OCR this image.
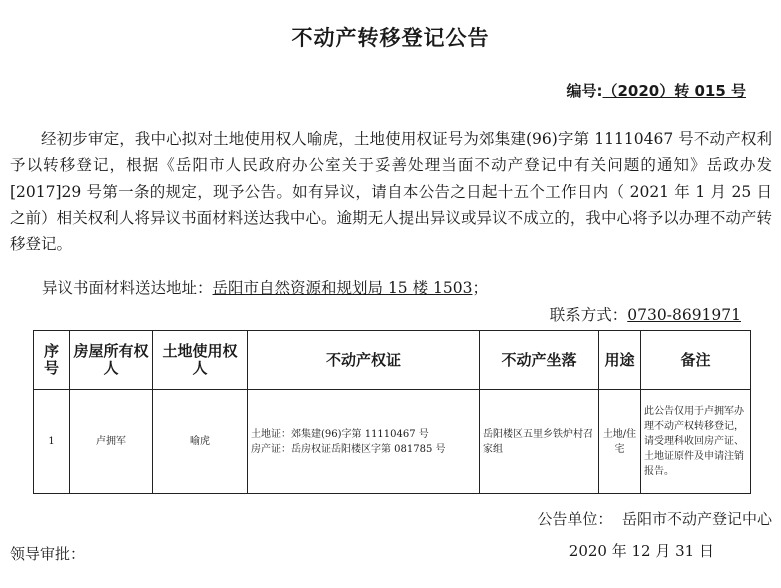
不动产转移登记公告
编号:（2020）转 015 号
经初步审定，我中心拟对土地使用权人喻虎，土地使用权证号为郊集建(96)字第 11110467 号不动产权利予以转移登记，根据《岳阳市人民政府办公室关于妥善处理当面不动产登记中有关问题的通知》岳政办发[2017]29 号第一条的规定，现予公告。如有异议，请自本公告之日起十五个工作日内（ 2021 年 1 月 25 日之前）相关权利人将异议书面材料送达我中心。逾期无人提出异议或异议不成立的，我中心将予以办理不动产转移登记。
异议书面材料送达地址：岳阳市自然资源和规划局 15 楼 1503；
联系方式：0730-8691971
序号	房屋所有权人	土地使用权人	不动产权证	不动产坐落	用途	备注
1	卢拥军	喻虎	土地证：郊集建(96)字第 11110467 号
房产证：岳房权证岳阳楼区字第 081785 号	岳阳楼区五里乡铁炉村召家组	土地/住宅	此公告仅用于卢拥军办理不动产权转移登记，请受理科收回房产证、土地证原件及申请注销报告。
公告单位： 岳阳市不动产登记中心
领导审批：	2020 年 12 月 31 日
